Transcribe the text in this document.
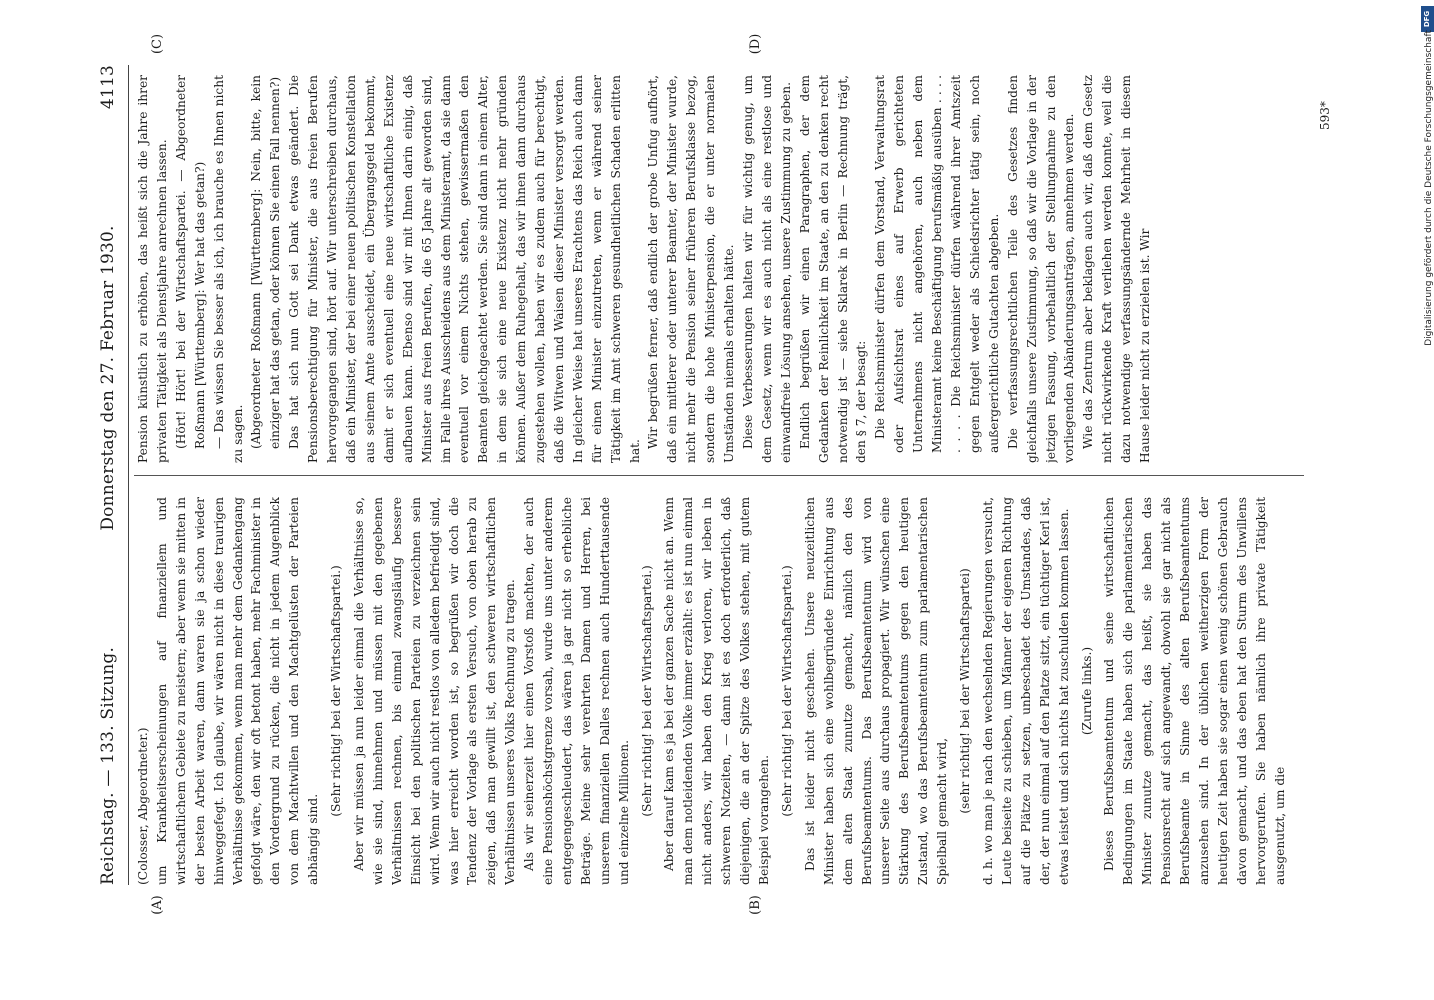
Reichstag. — 133. Sitzung.
Donnerstag den 27. Februar 1930.
4113
(A)	(B)
(C)	(D)

(Colosser, Abgeordneter.) um Krankheitserscheinungen auf finanziellem und wirtschaftlichem Gebiete zu meistern; aber wenn sie mitten in der besten Arbeit waren, dann waren sie ja schon wieder hinweggefegt. Ich glaube, wir wären nicht in diese traurigen Verhältnisse gekommen, wenn man mehr dem Gedankengang gefolgt wäre, den wir oft betont haben, mehr Fachminister in den Vordergrund zu rücken, die nicht in jedem Augenblick von dem Machtwillen und den Machtgelüsten der Parteien abhängig sind.

(Sehr richtig! bei der Wirtschaftspartei.) Aber wir müssen ja nun leider einmal die Verhältnisse so, wie sie sind, hinnehmen und müssen mit den gegebenen Verhältnissen rechnen, bis einmal zwangsläufig bessere Einsicht bei den politischen Parteien zu verzeichnen sein wird. Wenn wir auch nicht restlos von alledem befriedigt sind, was hier erreicht worden ist, so begrüßen wir doch die Tendenz der Vorlage als ersten Versuch, von oben herab zu zeigen, daß man gewillt ist, den schweren wirtschaftlichen Verhältnissen unseres Volks Rechnung zu tragen. Als wir seinerzeit hier einen Vorstoß machten, der auch eine Pensionshöchstgrenze vorsah, wurde uns unter anderem entgegengeschleudert, das wären ja gar nicht so erhebliche Beträge. Meine sehr verehrten Damen und Herren, bei unserem finanziellen Dalles rechnen auch Hunderttausende und einzelne Millionen. (Sehr richtig! bei der Wirtschaftspartei.) Aber darauf kam es ja bei der ganzen Sache nicht an. Wenn man dem notleidenden Volke immer erzählt: es ist nun einmal nicht anders, wir haben den Krieg verloren, wir leben in schweren Notzeiten, — dann ist es doch erforderlich, daß diejenigen, die an der Spitze des Volkes stehen, mit gutem Beispiel vorangehen.

(Sehr richtig! bei der Wirtschaftspartei.) Das ist leider nicht geschehen. Unsere neuzeitlichen Minister haben sich eine wohlbegründete Einrichtung aus dem alten Staat zunutze gemacht, nämlich den des Berufsbeamtentums. Das Berufsbeamtentum wird von unserer Seite aus durchaus propagiert. Wir wünschen eine Stärkung des Berufsbeamtentums gegen den heutigen Zustand, wo das Berufsbeamtentum zum parlamentarischen Spielball gemacht wird, (sehr richtig! bei der Wirtschaftspartei) d. h. wo man je nach den wechselnden Regierungen versucht, Leute beiseite zu schieben, um Männer der eigenen Richtung auf die Plätze zu setzen, unbeschadet des Umstandes, daß der, der nun einmal auf den Platze sitzt, ein tüchtiger Kerl ist, etwas leistet und sich nichts hat zuschulden kommen lassen. (Zurufe links.) Dieses Berufsbeamtentum und seine wirtschaftlichen Bedingungen im Staate haben sich die parlamentarischen Minister zunutze gemacht, das heißt, sie haben das Pensionsrecht auf sich angewandt, obwohl sie gar nicht als Berufsbeamte in Sinne des alten Berufsbeamtentums anzusehen sind. In der üblichen weitherzigen Form der heutigen Zeit haben sie sogar einen wenig schönen Gebrauch davon gemacht, und das eben hat den Sturm des Unwillens hervorgerufen. Sie haben nämlich ihre private Tätigkeit ausgenutzt, um die

Pension künstlich zu erhöhen, das heißt sich die Jahre ihrer privaten Tätigkeit als Dienstjahre anrechnen lassen. (Hört! Hört! bei der Wirtschaftspartei. — Abgeordneter Roßmann [Württemberg]: Wer hat das getan?) — Das wissen Sie besser als ich, ich brauche es Ihnen nicht zu sagen. (Abgeordneter Roßmann [Württemberg]: Nein, bitte, kein einziger hat das getan, oder können Sie einen Fall nennen?) Das hat sich nun Gott sei Dank etwas geändert. Die Pensionsberechtigung für Minister, die aus freien Berufen hervorgegangen sind, hört auf. Wir unterschreiben durchaus, daß ein Minister, der bei einer neuen politischen Konstellation aus seinem Amte ausscheidet, ein Übergangsgeld bekommt, damit er sich eventuell eine neue wirtschaftliche Existenz aufbauen kann. Ebenso sind wir mit Ihnen darin einig, daß Minister aus freien Berufen, die 65 Jahre alt geworden sind, im Falle ihres Ausscheidens aus dem Ministeramt, da sie dann eventuell vor einem Nichts stehen, gewissermaßen den Beamten gleichgeachtet werden. Sie sind dann in einem Alter, in dem sie sich eine neue Existenz nicht mehr gründen können. Außer dem Ruhegehalt, das wir ihnen dann durchaus zugestehen wollen, haben wir es zudem auch für berechtigt, daß die Witwen und Waisen dieser Minister versorgt werden. In gleicher Weise hat unseres Erachtens das Reich auch dann für einen Minister einzutreten, wenn er während seiner Tätigkeit im Amt schweren gesundheitlichen Schaden erlitten hat.

Wir begrüßen ferner, daß endlich der grobe Unfug aufhört, daß ein mittlerer oder unterer Beamter, der Minister wurde, nicht mehr die Pension seiner früheren Berufsklasse bezog, sondern die hohe Ministerpension, die er unter normalen Umständen niemals erhalten hätte. Diese Verbesserungen halten wir für wichtig genug, um dem Gesetz, wenn wir es auch nicht als eine restlose und einwandfreie Lösung ansehen, unsere Zustimmung zu geben. Endlich begrüßen wir einen Paragraphen, der dem Gedanken der Reinlichkeit im Staate, an den zu denken recht notwendig ist — siehe Sklarek in Berlin — Rechnung trägt, den § 7, der besagt: Die Reichsminister dürfen dem Vorstand, Verwaltungsrat oder Aufsichtsrat eines auf Erwerb gerichteten Unternehmens nicht angehören, auch neben dem Ministeramt keine Beschäftigung berufsmäßig ausüben . . . . . . . . Die Reichsminister dürfen während ihrer Amtszeit gegen Entgelt weder als Schiedsrichter tätig sein, noch außergerichtliche Gutachten abgeben. Die verfassungsrechtlichen Teile des Gesetzes finden gleichfalls unsere Zustimmung, so daß wir die Vorlage in der jetzigen Fassung, vorbehaltlich der Stellungnahme zu den vorliegenden Abänderungsanträgen, annehmen werden. Wie das Zentrum aber beklagen auch wir, daß dem Gesetz nicht rückwirkende Kraft verliehen werden konnte, weil die dazu notwendige verfassungsändernde Mehrheit in diesem Hause leider nicht zu erzielen ist. Wir

593*
DFG
Digitalisierung gefördert durch die Deutsche Forschungsgemeinschaft
